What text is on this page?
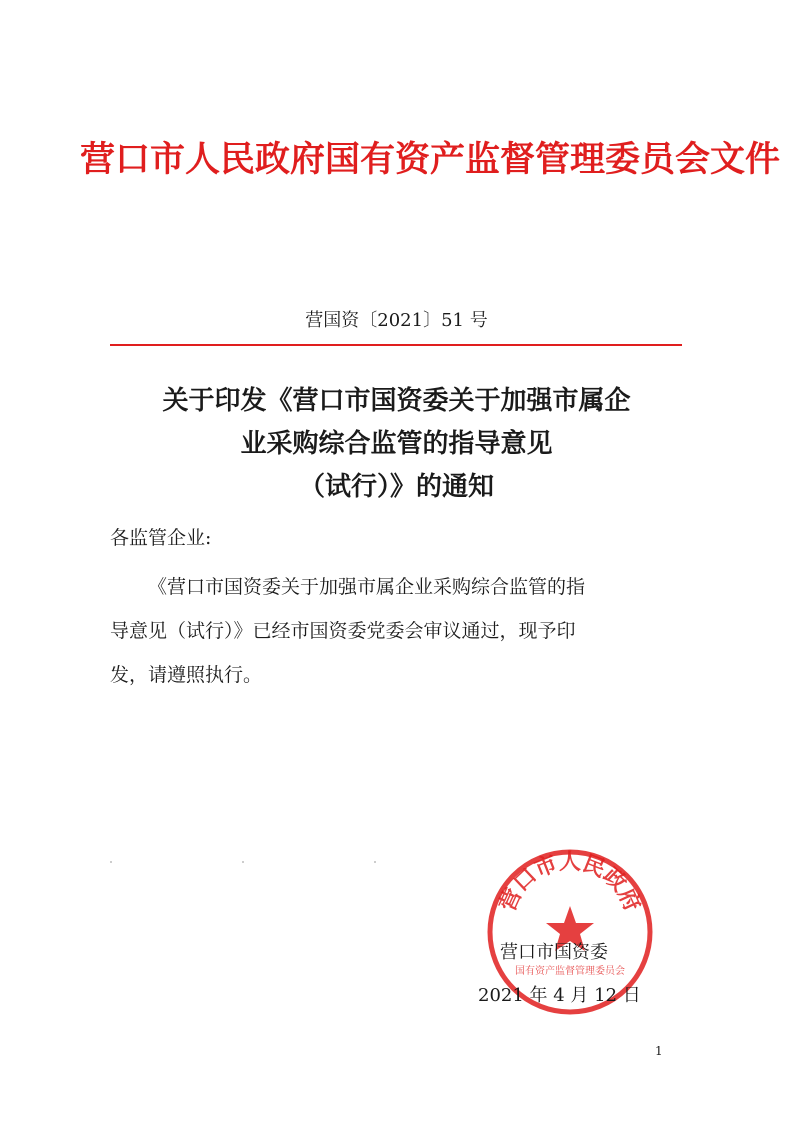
营口市人民政府国有资产监督管理委员会文件
营国资〔2021〕51 号
关于印发《营口市国资委关于加强市属企
业采购综合监管的指导意见
（试行）》的通知
各监管企业:
《营口市国资委关于加强市属企业采购综合监管的指
导意见（试行）》已经市国资委党委会审议通过，现予印
发，请遵照执行。
营口市人民政府
国有资产监督管理委员会
营口市国资委
2021 年 4 月 12 日
1
